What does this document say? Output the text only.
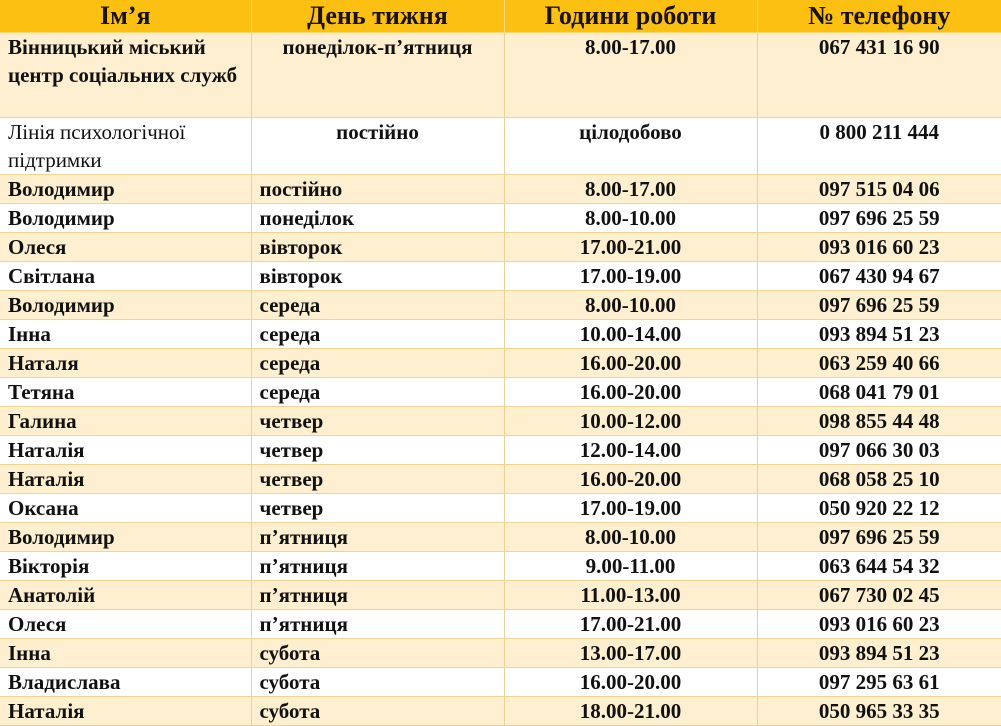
Ім’я	День тижня	Години роботи	№ телефону
Вінницький міський центр соціальних служб	понеділок-п’ятниця	8.00-17.00	067 431 16 90
Лінія психологічної підтримки	постійно	цілодобово	0 800 211 444
Володимир	постійно	8.00-17.00	097 515 04 06
Володимир	понеділок	8.00-10.00	097 696 25 59
Олеся	вівторок	17.00-21.00	093 016 60 23
Світлана	вівторок	17.00-19.00	067 430 94 67
Володимир	середа	8.00-10.00	097 696 25 59
Інна	середа	10.00-14.00	093 894 51 23
Наталя	середа	16.00-20.00	063 259 40 66
Тетяна	середа	16.00-20.00	068 041 79 01
Галина	четвер	10.00-12.00	098 855 44 48
Наталія	четвер	12.00-14.00	097 066 30 03
Наталія	четвер	16.00-20.00	068 058 25 10
Оксана	четвер	17.00-19.00	050 920 22 12
Володимир	п’ятниця	8.00-10.00	097 696 25 59
Вікторія	п’ятниця	9.00-11.00	063 644 54 32
Анатолій	п’ятниця	11.00-13.00	067 730 02 45
Олеся	п’ятниця	17.00-21.00	093 016 60 23
Інна	субота	13.00-17.00	093 894 51 23
Владислава	субота	16.00-20.00	097 295 63 61
Наталія	субота	18.00-21.00	050 965 33 35
